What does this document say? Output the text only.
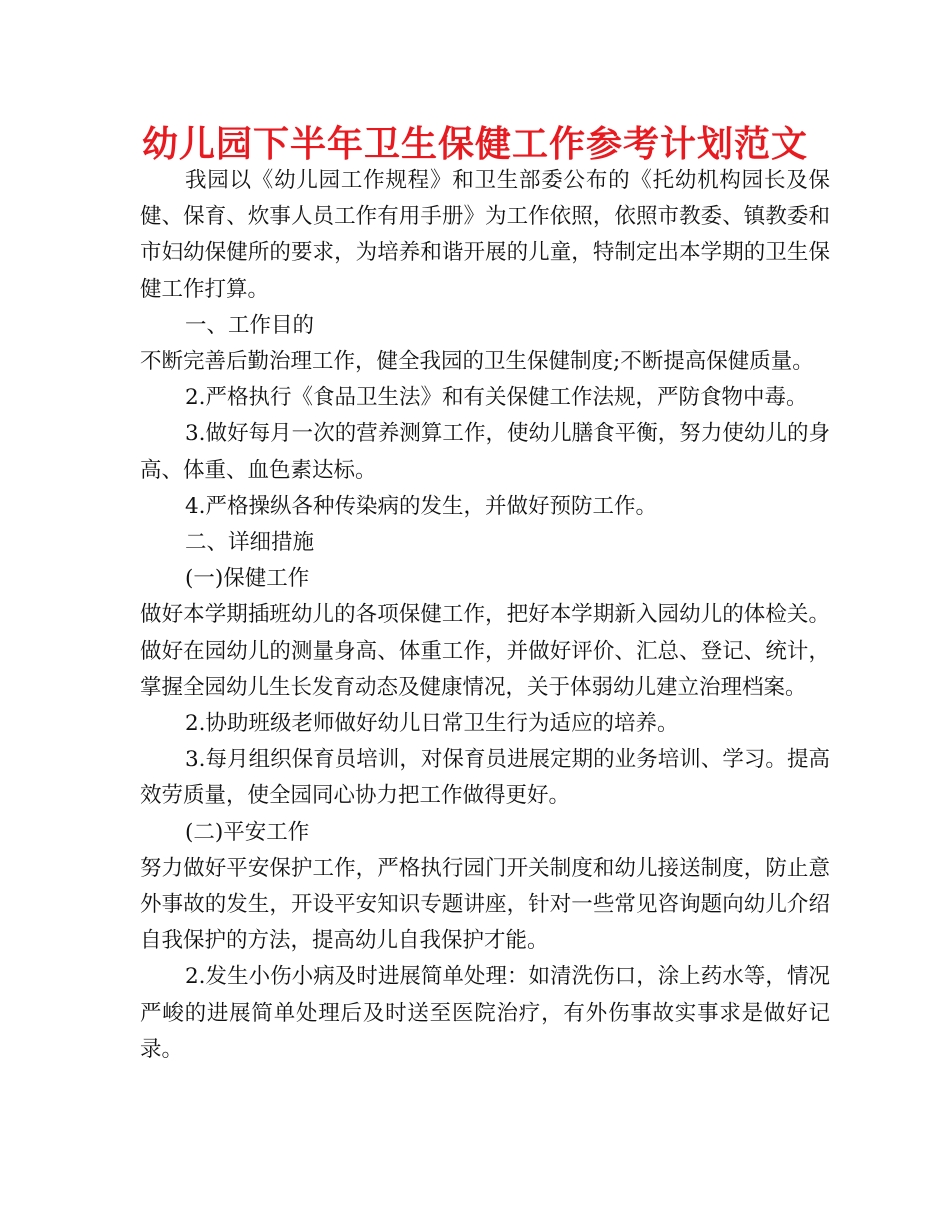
幼儿园下半年卫生保健工作参考计划范文

我园以《幼儿园工作规程》和卫生部委公布的《托幼机构园长及保健、保育、炊事人员工作有用手册》为工作依照，依照市教委、镇教委和市妇幼保健所的要求，为培养和谐开展的儿童，特制定出本学期的卫生保健工作打算。

一、工作目的

不断完善后勤治理工作，健全我园的卫生保健制度;不断提高保健质量。

2.严格执行《食品卫生法》和有关保健工作法规，严防食物中毒。

3.做好每月一次的营养测算工作，使幼儿膳食平衡，努力使幼儿的身高、体重、血色素达标。

4.严格操纵各种传染病的发生，并做好预防工作。

二、详细措施

(一)保健工作

做好本学期插班幼儿的各项保健工作，把好本学期新入园幼儿的体检关。做好在园幼儿的测量身高、体重工作，并做好评价、汇总、登记、统计，掌握全园幼儿生长发育动态及健康情况，关于体弱幼儿建立治理档案。

2.协助班级老师做好幼儿日常卫生行为适应的培养。

3.每月组织保育员培训，对保育员进展定期的业务培训、学习。提高效劳质量，使全园同心协力把工作做得更好。

(二)平安工作

努力做好平安保护工作，严格执行园门开关制度和幼儿接送制度，防止意外事故的发生，开设平安知识专题讲座，针对一些常见咨询题向幼儿介绍自我保护的方法，提高幼儿自我保护才能。

2.发生小伤小病及时进展简单处理：如清洗伤口，涂上药水等，情况严峻的进展简单处理后及时送至医院治疗，有外伤事故实事求是做好记录。
